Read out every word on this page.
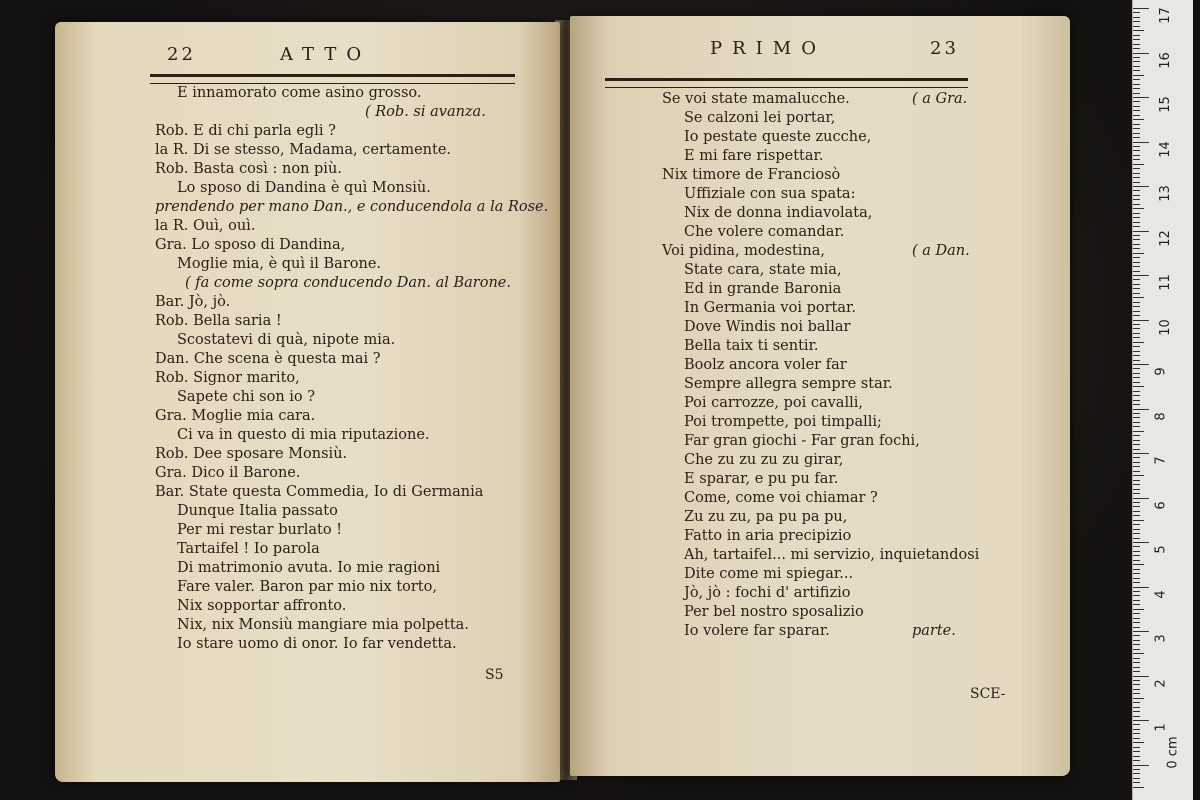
22	ATTO
E innamorato come asino grosso.
( Rob. si avanza.
Rob. E di chi parla egli ?
la R. Di se stesso, Madama, certamente.
Rob. Basta così : non più.
Lo sposo di Dandina è quì Monsiù.
prendendo per mano Dan., e conducendola a la Rose.
la R. Ouì, ouì.
Gra. Lo sposo di Dandina,
Moglie mia, è quì il Barone.
( fa come sopra conducendo Dan. al Barone.
Bar. Jò, jò.
Rob. Bella saria !
Scostatevi di quà, nipote mia.
Dan. Che scena è questa mai ?
Rob. Signor marito,
Sapete chi son io ?
Gra. Moglie mia cara.
Ci va in questo di mia riputazione.
Rob. Dee sposare Monsiù.
Gra. Dico il Barone.
Bar. State questa Commedia, Io di Germania
Dunque Italia passato
Per mi restar burlato !
Tartaifel ! Io parola
Di matrimonio avuta. Io mie ragioni
Fare valer. Baron par mio nix torto,
Nix sopportar affronto.
Nix, nix Monsiù mangiare mia polpetta.
Io stare uomo di onor. Io far vendetta.
S5
PRIMO	23
Se voi state mamalucche.	( a Gra.
Se calzoni lei portar,
Io pestate queste zucche,
E mi fare rispettar.
Nix timore de Franciosò
Uffiziale con sua spata:
Nix de donna indiavolata,
Che volere comandar.
Voi pidina, modestina,	( a Dan.
State cara, state mia,
Ed in grande Baronia
In Germania voi portar.
Dove Windis noi ballar
Bella taix ti sentir.
Boolz ancora voler far
Sempre allegra sempre star.
Poi carrozze, poi cavalli,
Poi trompette, poi timpalli;
Far gran giochi - Far gran fochi,
Che zu zu zu zu girar,
E sparar, e pu pu far.
Come, come voi chiamar ?
Zu zu zu, pa pu pa pu,
Fatto in aria precipizio
Ah, tartaifel... mi servizio, inquietandosi
Dite come mi spiegar...
Jò, jò : fochi d' artifizio
Per bel nostro sposalizio
Io volere far sparar.	parte.
SCE-
17
16
15
14
13
12
11
10
9
8
7
6
5
4
3
2
1
0 cm
